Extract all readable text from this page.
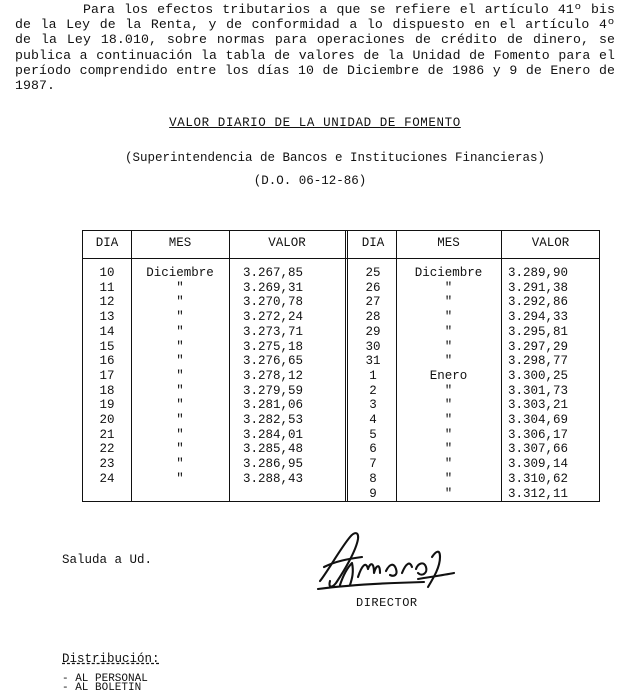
Para los efectos tributarios a que se refiere el artículo 41º bis de la Ley de la Renta, y de conformidad a lo dispuesto en el artículo 4º de la Ley 18.010, sobre normas para operaciones de crédito de dinero, se publica a continuación la tabla de valores de la Unidad de Fomento para el período comprendido entre los días 10 de Diciembre de 1986 y 9 de Enero de 1987.

VALOR DIARIO DE LA UNIDAD DE FOMENTO
(Superintendencia de Bancos e Instituciones Financieras)
(D.O. 06-12-86)
DIA	MES	VALOR	DIA	MES	VALOR
10	Diciembre	3.267,85
11	"	3.269,31
12	"	3.270,78
13	"	3.272,24
14	"	3.273,71
15	"	3.275,18
16	"	3.276,65
17	"	3.278,12
18	"	3.279,59
19	"	3.281,06
20	"	3.282,53
21	"	3.284,01
22	"	3.285,48
23	"	3.286,95
24	"	3.288,43
25	Diciembre	3.289,90
26	"	3.291,38
27	"	3.292,86
28	"	3.294,33
29	"	3.295,81
30	"	3.297,29
31	"	3.298,77
1	Enero	3.300,25
2	"	3.301,73
3	"	3.303,21
4	"	3.304,69
5	"	3.306,17
6	"	3.307,66
7	"	3.309,14
8	"	3.310,62
9	"	3.312,11
Saluda a Ud.
DIRECTOR
Distribución:
- AL PERSONAL
- AL BOLETIN
